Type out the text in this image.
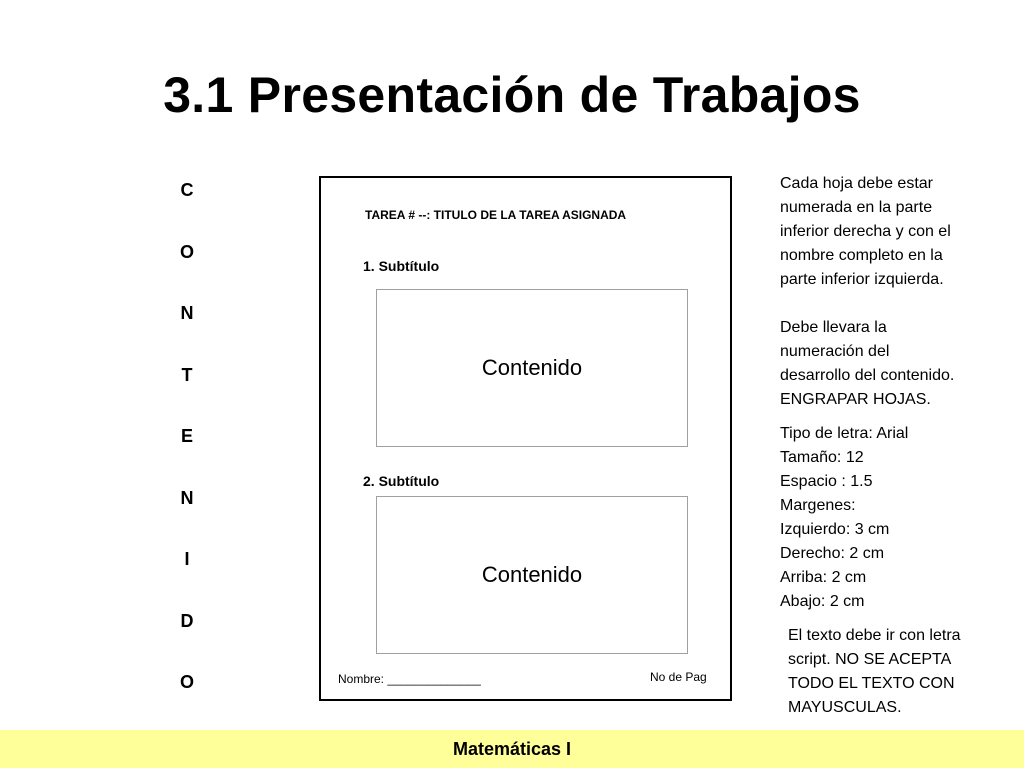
3.1 Presentación de Trabajos
C
O
N
T
E
N
I
D
O
TAREA # --: TITULO DE LA TAREA ASIGNADA
1. Subtítulo
Contenido
2. Subtítulo
Contenido
Nombre: ______________	No de Pag
Cada hoja debe estar
numerada en la parte
inferior derecha y con el
nombre completo en la
parte inferior izquierda.
Debe llevara la
numeración del
desarrollo del contenido.
ENGRAPAR HOJAS.
Tipo de letra: Arial
Tamaño: 12
Espacio : 1.5
Margenes:
Izquierdo: 3 cm
Derecho: 2 cm
Arriba: 2 cm
Abajo: 2 cm
El texto debe ir con letra
script. NO SE ACEPTA
TODO EL TEXTO CON
MAYUSCULAS.
Matemáticas I
